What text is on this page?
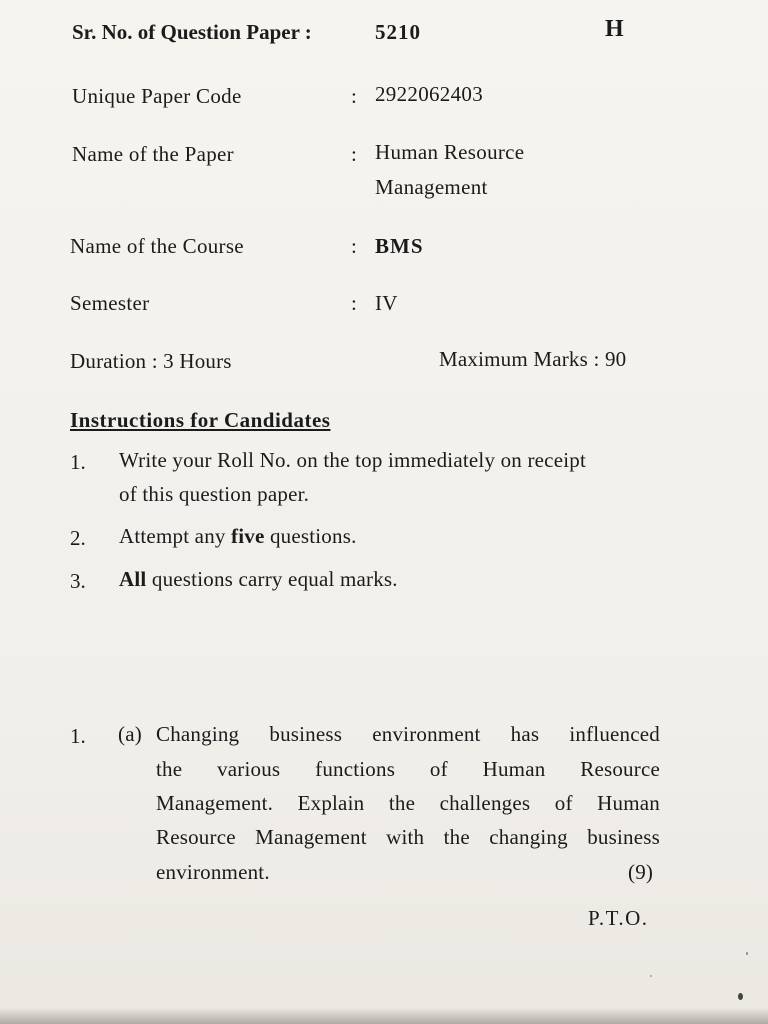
Sr. No. of Question Paper :	5210	H
Unique Paper Code	: 2922062403
Name of the Paper	: Human Resource
Management
Name of the Course	: BMS
Semester	: IV
Duration : 3 Hours	Maximum Marks : 90
Instructions for Candidates
1. Write your Roll No. on the top immediately on receipt
of this question paper.
2. Attempt any five questions.
3. All questions carry equal marks.
1. (a) Changing business environment has influenced
the various functions of Human Resource
Management. Explain the challenges of Human
Resource Management with the changing business
environment.	(9)
P.T.O.
